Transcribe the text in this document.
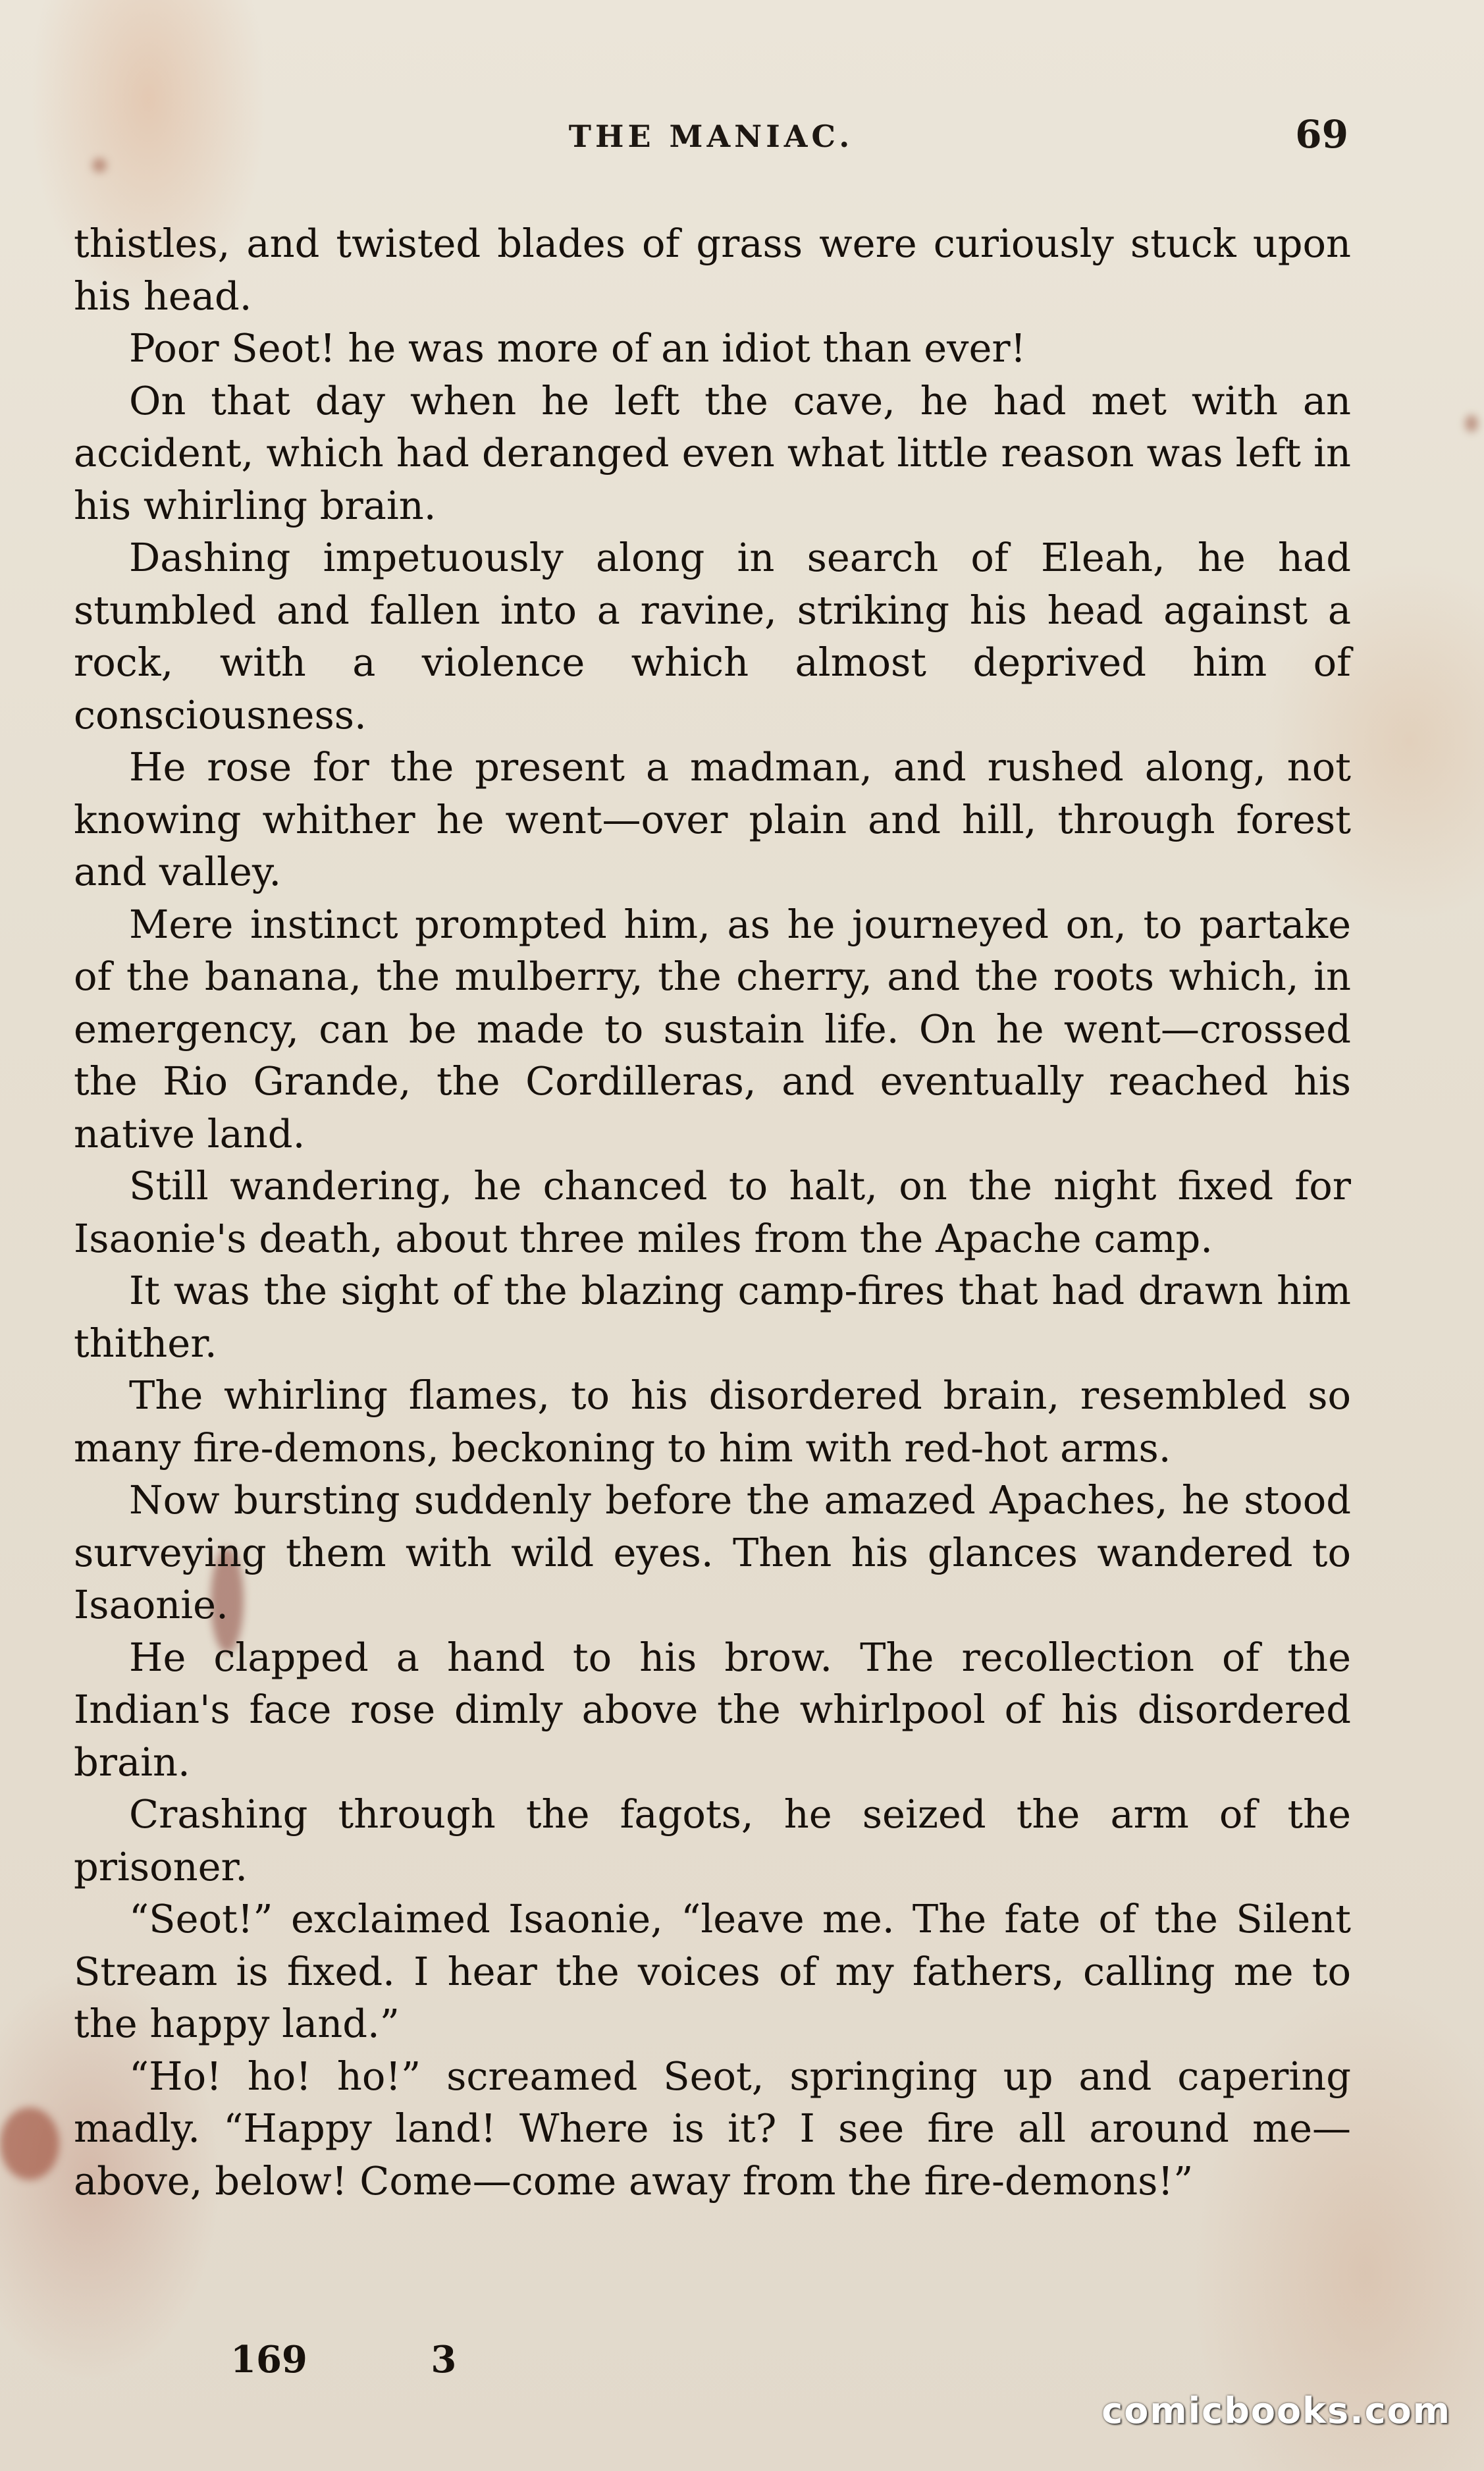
THE MANIAC.	69

thistles, and twisted blades of grass were curiously stuck upon his head.

Poor Seot! he was more of an idiot than ever!

On that day when he left the cave, he had met with an accident, which had deranged even what little reason was left in his whirling brain.

Dashing impetuously along in search of Eleah, he had stumbled and fallen into a ravine, striking his head against a rock, with a violence which almost deprived him of consciousness.

He rose for the present a madman, and rushed along, not knowing whither he went—over plain and hill, through forest and valley.

Mere instinct prompted him, as he journeyed on, to partake of the banana, the mulberry, the cherry, and the roots which, in emergency, can be made to sustain life. On he went—crossed the Rio Grande, the Cordilleras, and eventually reached his native land.

Still wandering, he chanced to halt, on the night fixed for Isaonie's death, about three miles from the Apache camp.

It was the sight of the blazing camp-fires that had drawn him thither.

The whirling flames, to his disordered brain, resembled so many fire-demons, beckoning to him with red-hot arms.

Now bursting suddenly before the amazed Apaches, he stood surveying them with wild eyes. Then his glances wandered to Isaonie.

He clapped a hand to his brow. The recollection of the Indian's face rose dimly above the whirlpool of his disordered brain.

Crashing through the fagots, he seized the arm of the prisoner.

“Seot!” exclaimed Isaonie, “leave me. The fate of the Silent Stream is fixed. I hear the voices of my fathers, calling me to the happy land.”

“Ho! ho! ho!” screamed Seot, springing up and capering madly. “Happy land! Where is it? I see fire all around me—above, below! Come—come away from the fire-demons!”

169	3
comicbooks.com
